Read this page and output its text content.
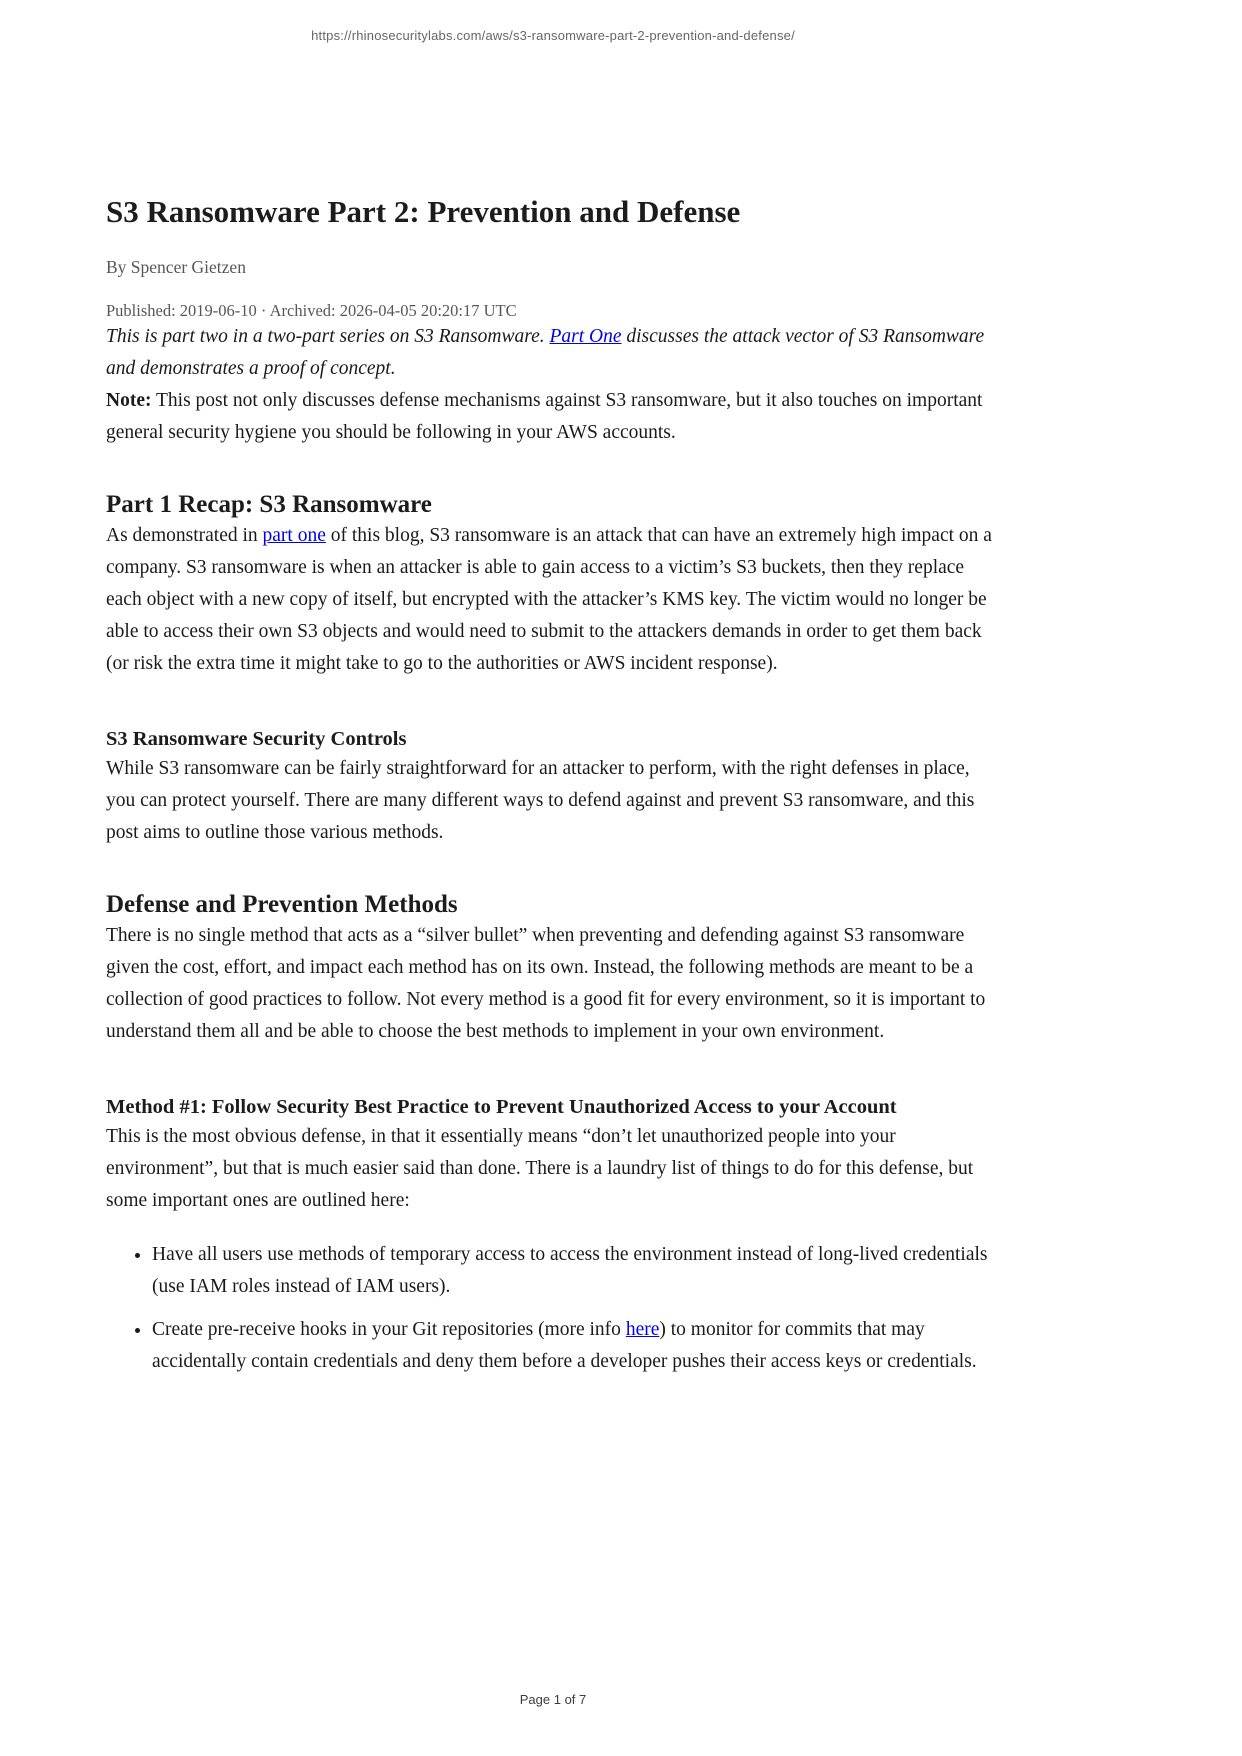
https://rhinosecuritylabs.com/aws/s3-ransomware-part-2-prevention-and-defense/
S3 Ransomware Part 2: Prevention and Defense
By Spencer Gietzen
Published: 2019-06-10 · Archived: 2026-04-05 20:20:17 UTC

This is part two in a two-part series on S3 Ransomware. Part One discusses the attack vector of S3 Ransomware and demonstrates a proof of concept.

Note: This post not only discusses defense mechanisms against S3 ransomware, but it also touches on important general security hygiene you should be following in your AWS accounts.

Part 1 Recap: S3 Ransomware

As demonstrated in part one of this blog, S3 ransomware is an attack that can have an extremely high impact on a company. S3 ransomware is when an attacker is able to gain access to a victim’s S3 buckets, then they replace each object with a new copy of itself, but encrypted with the attacker’s KMS key. The victim would no longer be able to access their own S3 objects and would need to submit to the attackers demands in order to get them back (or risk the extra time it might take to go to the authorities or AWS incident response).

S3 Ransomware Security Controls

While S3 ransomware can be fairly straightforward for an attacker to perform, with the right defenses in place, you can protect yourself. There are many different ways to defend against and prevent S3 ransomware, and this post aims to outline those various methods.

Defense and Prevention Methods

There is no single method that acts as a “silver bullet” when preventing and defending against S3 ransomware given the cost, effort, and impact each method has on its own. Instead, the following methods are meant to be a collection of good practices to follow. Not every method is a good fit for every environment, so it is important to understand them all and be able to choose the best methods to implement in your own environment.

Method #1: Follow Security Best Practice to Prevent Unauthorized Access to your Account

This is the most obvious defense, in that it essentially means “don’t let unauthorized people into your environment”, but that is much easier said than done. There is a laundry list of things to do for this defense, but some important ones are outlined here:

• Have all users use methods of temporary access to access the environment instead of long-lived credentials (use IAM roles instead of IAM users).
• Create pre-receive hooks in your Git repositories (more info here) to monitor for commits that may accidentally contain credentials and deny them before a developer pushes their access keys or credentials.
Page 1 of 7
